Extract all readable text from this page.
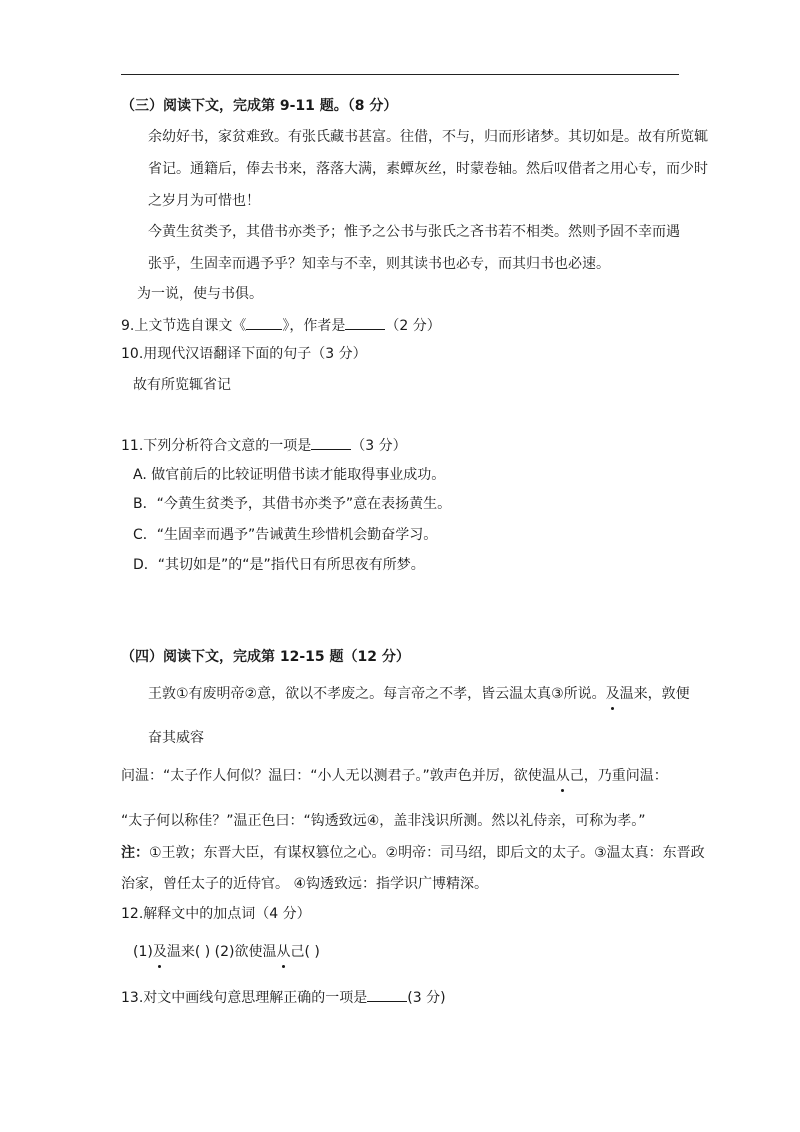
（三）阅读下文，完成第 9-11 题。（8 分）
余幼好书，家贫难致。有张氏藏书甚富。往借，不与，归而形诸梦。其切如是。故有所览辄
省记。通籍后，俸去书来，落落大满，素蟫灰丝，时蒙卷轴。然后叹借者之用心专，而少时
之岁月为可惜也！
今黄生贫类予，其借书亦类予；惟予之公书与张氏之吝书若不相类。然则予固不幸而遇
张乎，生固幸而遇予乎？知幸与不幸，则其读书也必专，而其归书也必速。
为一说，使与书俱。
9.上文节选自课文《	》，作者是	（2 分）
10.用现代汉语翻译下面的句子（3 分）
故有所览辄省记
11.下列分析符合文意的一项是	（3 分）
A. 做官前后的比较证明借书读才能取得事业成功。
B．“今黄生贫类予，其借书亦类予”意在表扬黄生。
C．“生固幸而遇予”告诫黄生珍惜机会勤奋学习。
D．“其切如是”的“是”指代日有所思夜有所梦。
（四）阅读下文，完成第 12-15 题（12 分）
王敦①有废明帝②意，欲以不孝废之。每言帝之不孝，皆云温太真③所说。及温来，敦便
奋其威容
问温：“太子作人何似？温曰：“小人无以测君子。”敦声色并厉，欲使温从己，乃重问温：
“太子何以称佳？”温正色曰：“钩透致远④，盖非浅识所测。然以礼侍亲，可称为孝。”
注：①王敦；东晋大臣，有谋权篡位之心。②明帝：司马绍，即后文的太子。③温太真：东晋政
治家，曾任太子的近侍官。 ④钩透致远：指学识广博精深。
12.解释文中的加点词（4 分）
(1)及温来( ) (2)欲使温从己( )
13.对文中画线句意思理解正确的一项是	(3 分)
